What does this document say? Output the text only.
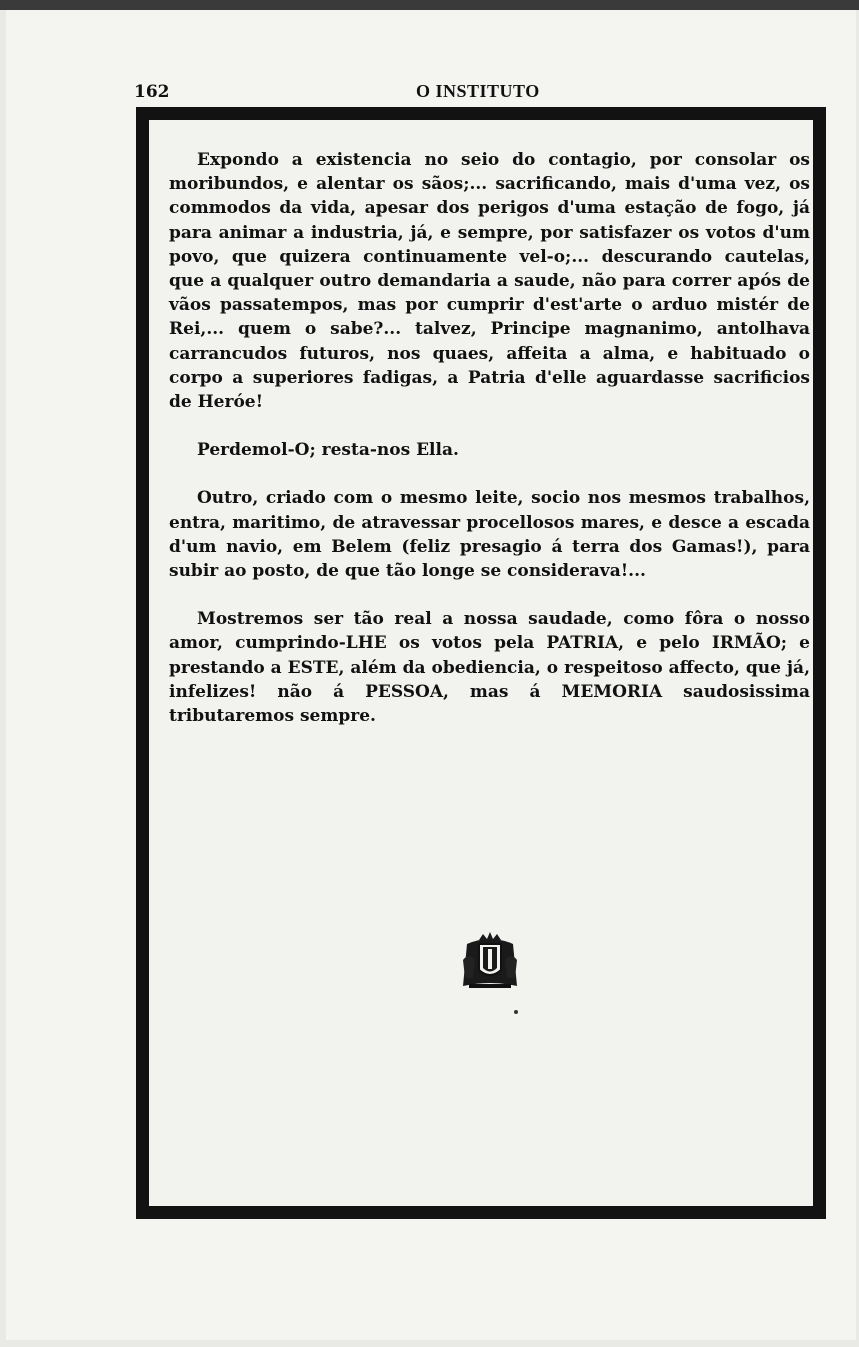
162	O INSTITUTO

Expondo a existencia no seio do contagio, por consolar os moribundos, e alentar os sãos;... sacrificando, mais d'uma vez, os commodos da vida, apesar dos perigos d'uma estação de fogo, já para animar a industria, já, e sempre, por satisfazer os votos d'um povo, que quizera continuamente vel-o;... descurando cautelas, que a qualquer outro demandaria a saude, não para correr após de vãos passatempos, mas por cumprir d'est'arte o arduo mistér de Rei,... quem o sabe?... talvez, Principe magnanimo, antolhava carrancudos futuros, nos quaes, affeita a alma, e habituado o corpo a superiores fadigas, a Patria d'elle aguardasse sacrificios de Heróe!

Perdemol-O; resta-nos Ella.

Outro, criado com o mesmo leite, socio nos mesmos trabalhos, entra, maritimo, de atravessar procellosos mares, e desce a escada d'um navio, em Belem (feliz presagio á terra dos Gamas!), para subir ao posto, de que tão longe se considerava!...

Mostremos ser tão real a nossa saudade, como fôra o nosso amor, cumprindo-LHE os votos pela PATRIA, e pelo IRMÃO; e prestando a ESTE, além da obediencia, o respeitoso affecto, que já, infelizes! não á PESSOA, mas á MEMORIA saudosissima tributaremos sempre.
